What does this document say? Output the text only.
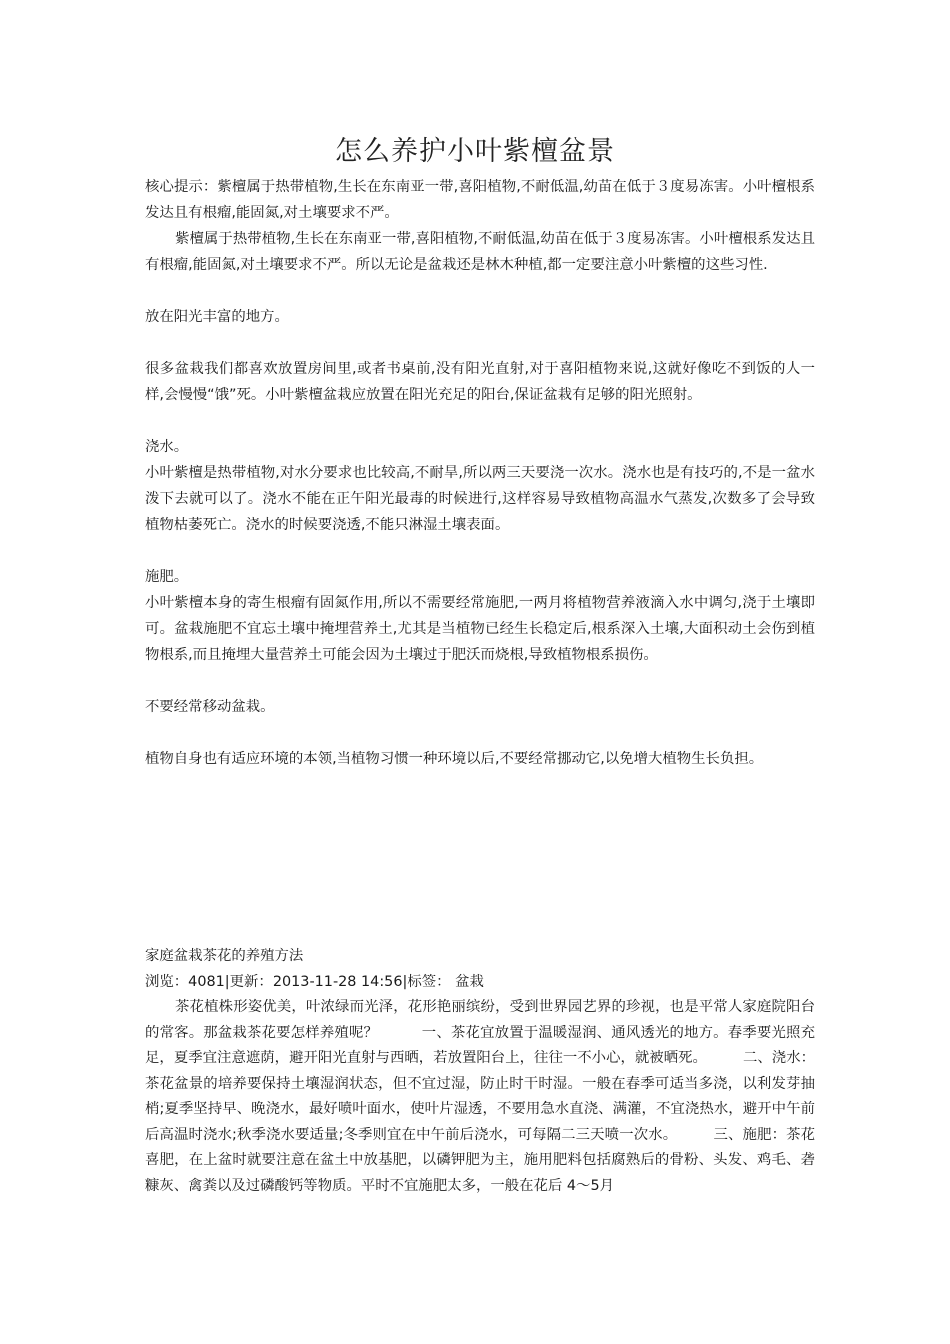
怎么养护小叶紫檀盆景

核心提示：紫檀属于热带植物,生长在东南亚一带,喜阳植物,不耐低温,幼苗在低于３度易冻害。小叶檀根系发达且有根瘤,能固氮,对土壤要求不严。

紫檀属于热带植物,生长在东南亚一带,喜阳植物,不耐低温,幼苗在低于３度易冻害。小叶檀根系发达且有根瘤,能固氮,对土壤要求不严。所以无论是盆栽还是林木种植,都一定要注意小叶紫檀的这些习性.

放在阳光丰富的地方。

很多盆栽我们都喜欢放置房间里,或者书桌前,没有阳光直射,对于喜阳植物来说,这就好像吃不到饭的人一样,会慢慢“饿”死。小叶紫檀盆栽应放置在阳光充足的阳台,保证盆栽有足够的阳光照射。

浇水。

小叶紫檀是热带植物,对水分要求也比较高,不耐旱,所以两三天要浇一次水。浇水也是有技巧的,不是一盆水泼下去就可以了。浇水不能在正午阳光最毒的时候进行,这样容易导致植物高温水气蒸发,次数多了会导致植物枯萎死亡。浇水的时候要浇透,不能只淋湿土壤表面。

施肥。

小叶紫檀本身的寄生根瘤有固氮作用,所以不需要经常施肥,一两月将植物营养液滴入水中调匀,浇于土壤即可。盆栽施肥不宜忘土壤中掩埋营养土,尤其是当植物已经生长稳定后,根系深入土壤,大面积动土会伤到植物根系,而且掩埋大量营养土可能会因为土壤过于肥沃而烧根,导致植物根系损伤。

不要经常移动盆栽。

植物自身也有适应环境的本领,当植物习惯一种环境以后,不要经常挪动它,以免增大植物生长负担。

家庭盆栽茶花的养殖方法

浏览：4081|更新：2013-11-28 14:56|标签： 盆栽

茶花植株形姿优美，叶浓绿而光泽，花形艳丽缤纷，受到世界园艺界的珍视，也是平常人家庭院阳台的常客。那盆栽茶花要怎样养殖呢？　　　一、茶花宜放置于温暖湿润、通风透光的地方。春季要光照充足，夏季宜注意遮荫，避开阳光直射与西晒，若放置阳台上，往往一不小心，就被晒死。　　　二、浇水：茶花盆景的培养要保持土壤湿润状态，但不宜过湿，防止时干时湿。一般在春季可适当多浇，以利发芽抽梢;夏季坚持早、晚浇水，最好喷叶面水，使叶片湿透，不要用急水直浇、满灌，不宜浇热水，避开中午前后高温时浇水;秋季浇水要适量;冬季则宜在中午前后浇水，可每隔二三天喷一次水。　　　三、施肥：茶花喜肥，在上盆时就要注意在盆土中放基肥，以磷钾肥为主，施用肥料包括腐熟后的骨粉、头发、鸡毛、砻糠灰、禽粪以及过磷酸钙等物质。平时不宜施肥太多，一般在花后 4～5月
